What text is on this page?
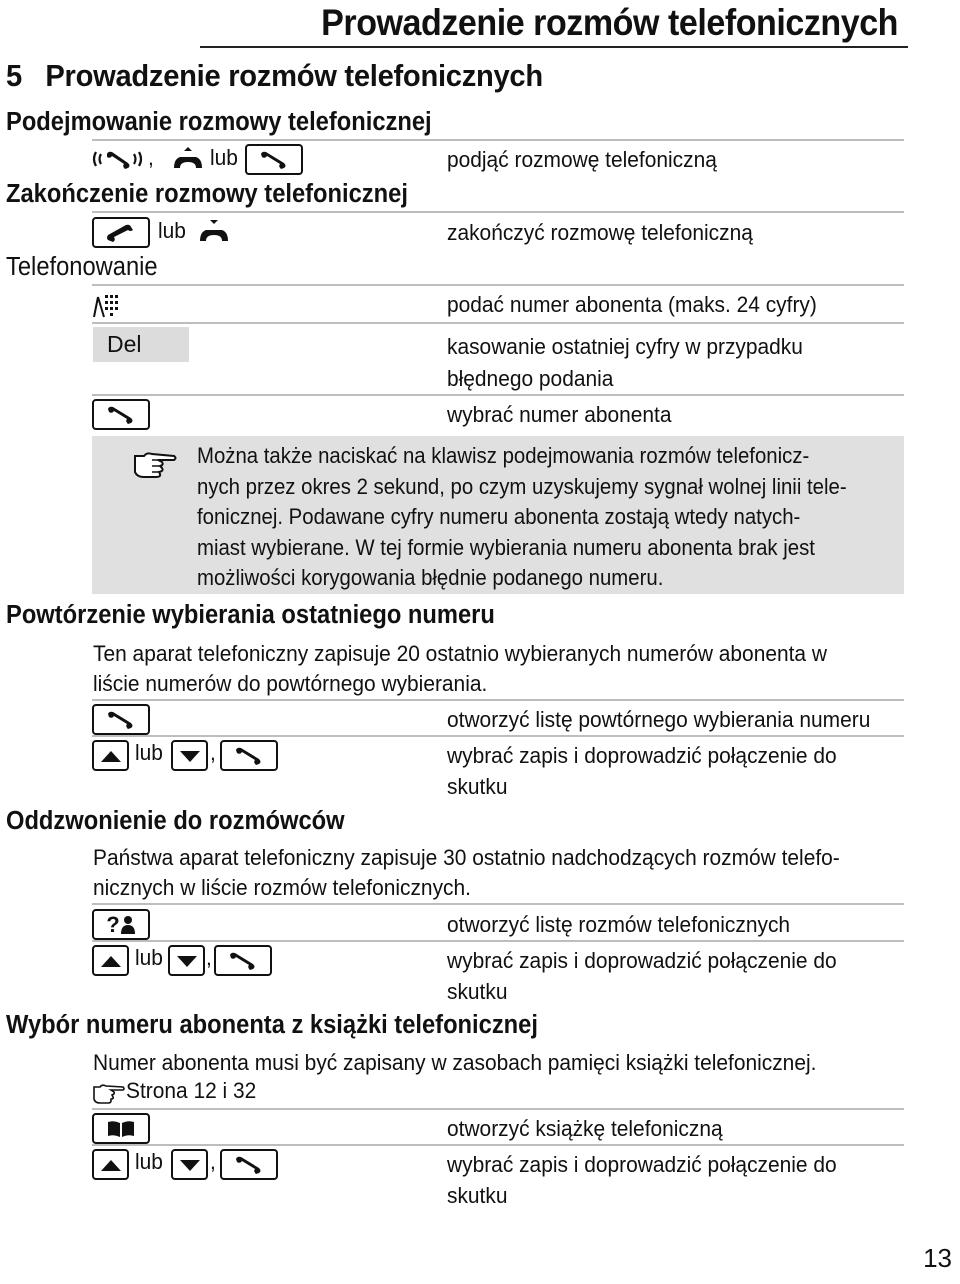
Prowadzenie rozmów telefonicznych
5   Prowadzenie rozmów telefonicznych
Podejmowanie rozmowy telefonicznej
, lub	podjąć rozmowę telefoniczną
Zakończenie rozmowy telefonicznej
lub	zakończyć rozmowę telefoniczną
Telefonowanie
podać numer abonenta (maks. 24 cyfry)
Del	kasowanie ostatniej cyfry w przypadku
błędnego podania
wybrać numer abonenta
Można także naciskać na klawisz podejmowania rozmów telefonicz-
nych przez okres 2 sekund, po czym uzyskujemy sygnał wolnej linii tele-
fonicznej. Podawane cyfry numeru abonenta zostają wtedy natych-
miast wybierane. W tej formie wybierania numeru abonenta brak jest
możliwości korygowania błędnie podanego numeru.
Powtórzenie wybierania ostatniego numeru
Ten aparat telefoniczny zapisuje 20 ostatnio wybieranych numerów abonenta w
liście numerów do powtórnego wybierania.
otworzyć listę powtórnego wybierania numeru
lub ,	wybrać zapis i doprowadzić połączenie do
skutku
Oddzwonienie do rozmówców
Państwa aparat telefoniczny zapisuje 30 ostatnio nadchodzących rozmów telefo-
nicznych w liście rozmów telefonicznych.
?	otworzyć listę rozmów telefonicznych
lub ,	wybrać zapis i doprowadzić połączenie do
skutku
Wybór numeru abonenta z książki telefonicznej
Numer abonenta musi być zapisany w zasobach pamięci książki telefonicznej.
Strona 12 i 32
otworzyć książkę telefoniczną
lub ,	wybrać zapis i doprowadzić połączenie do
skutku
13
